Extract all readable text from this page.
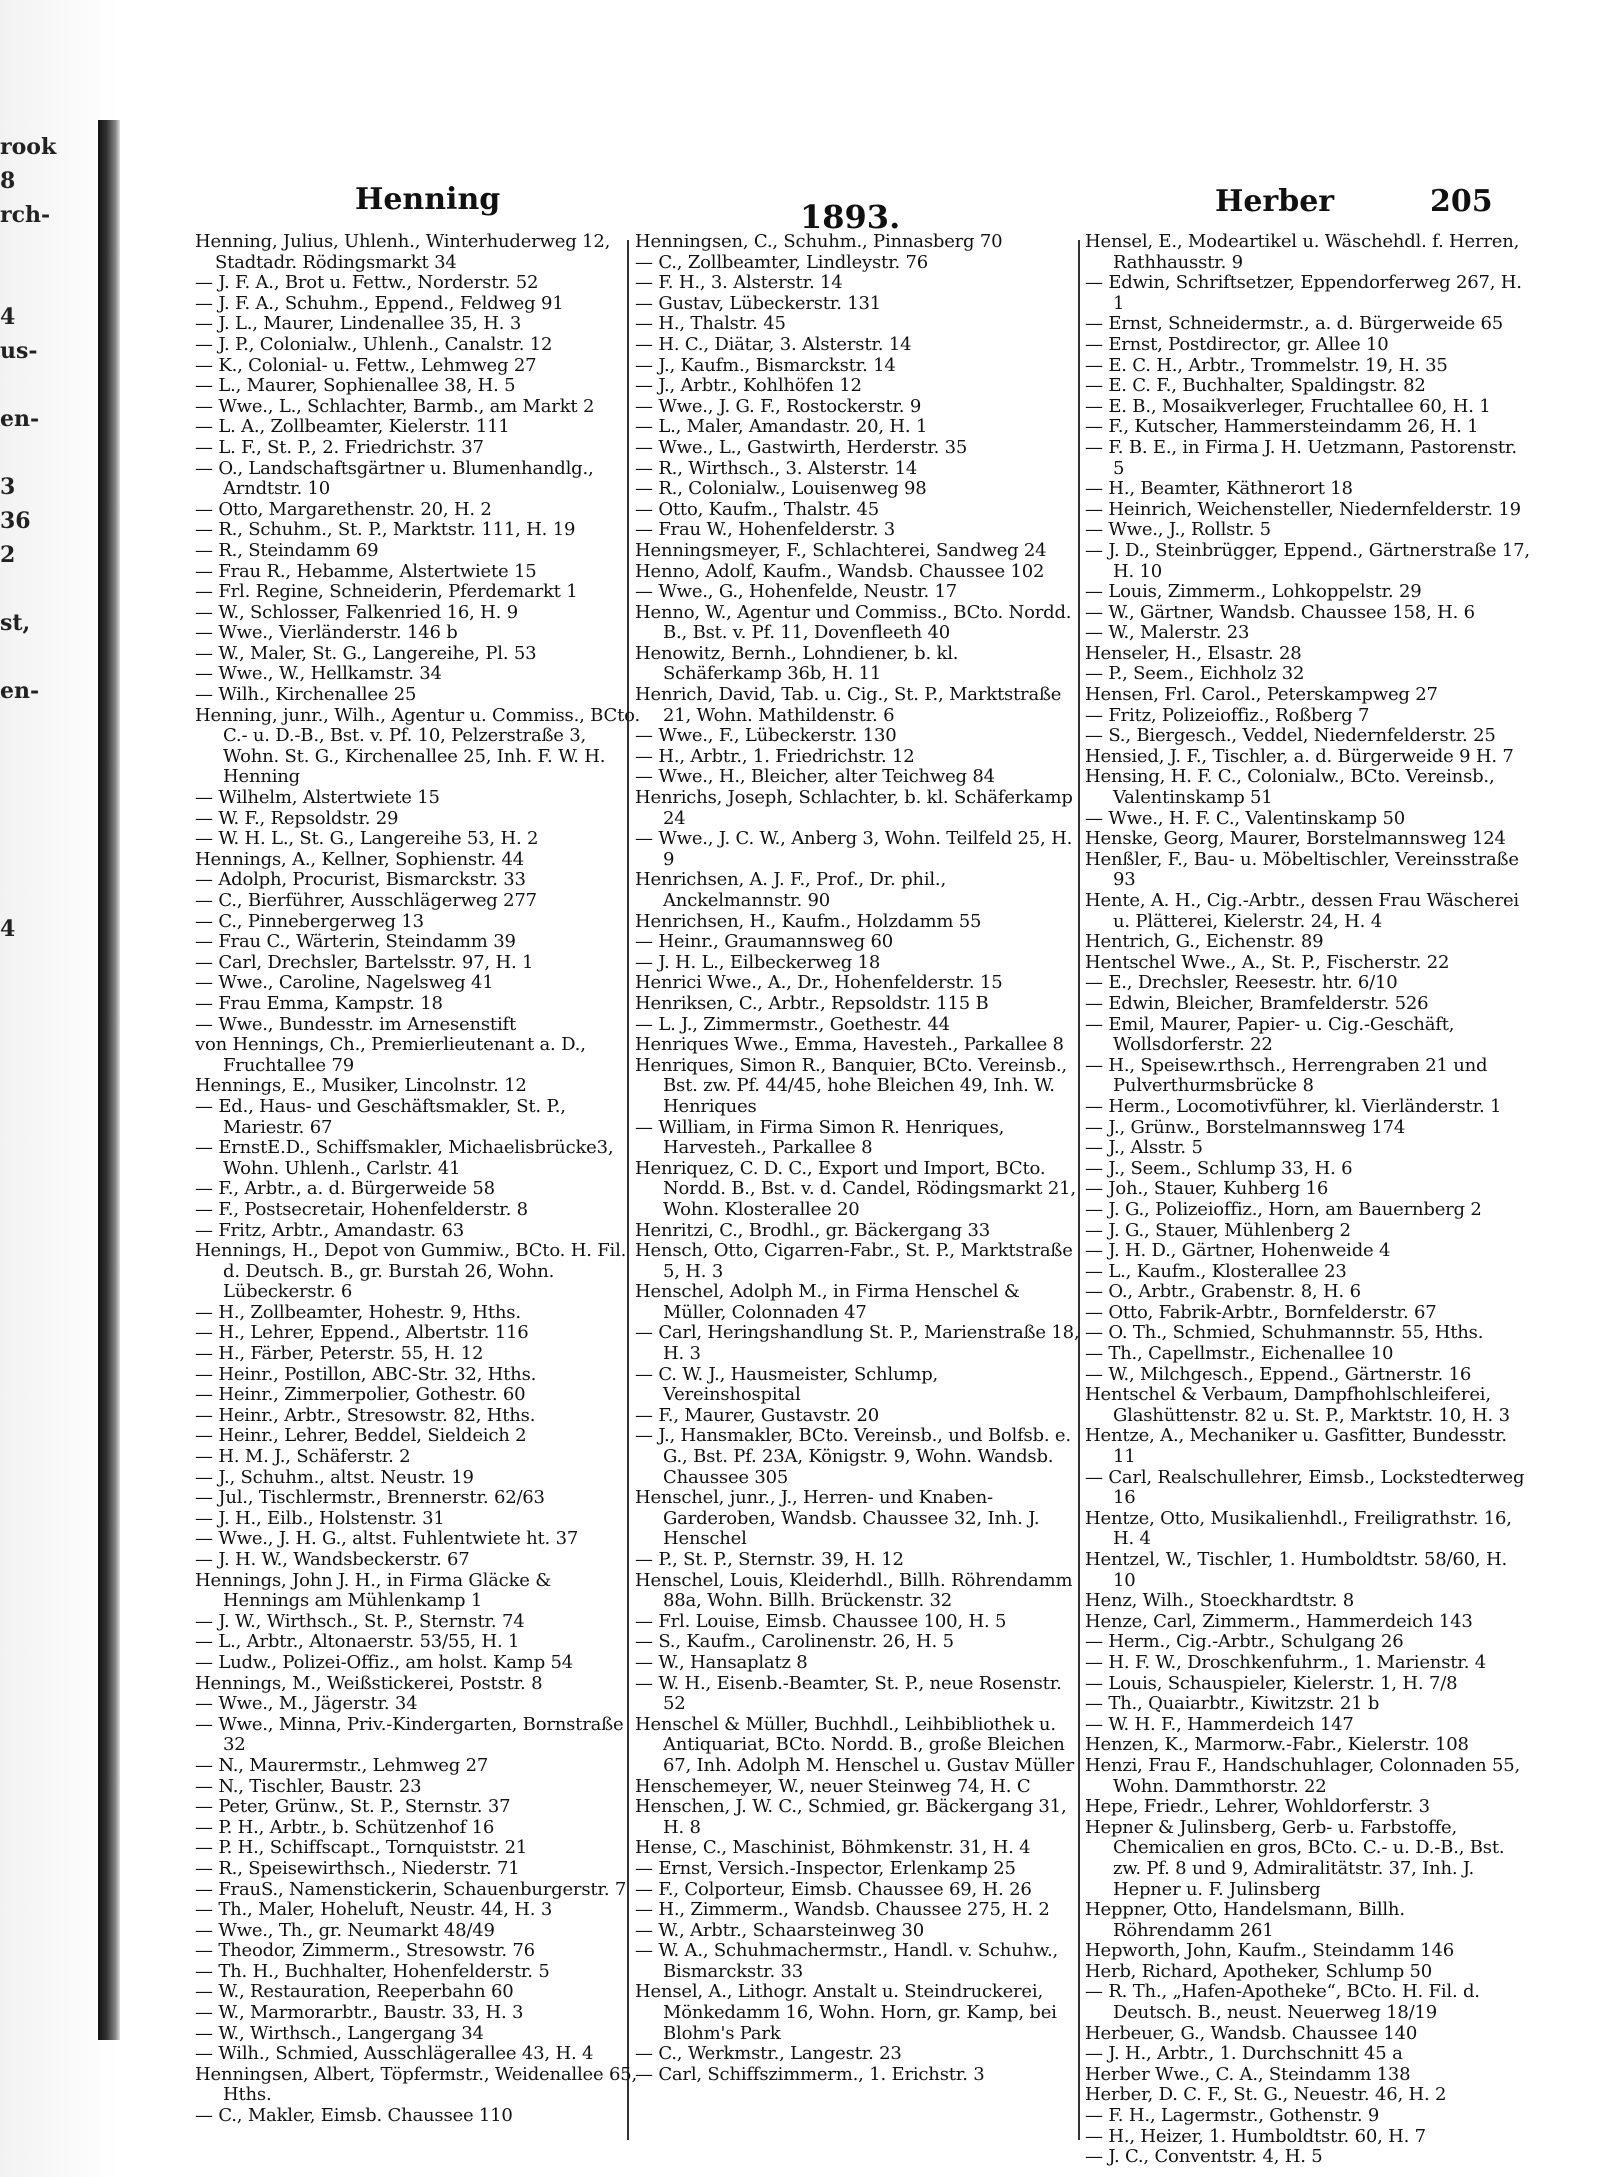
rook
8
rch-

4
us-

en-

3
36
2

st,

en-

4

Henning	1893.	Herber	205
Henning, Julius, Uhlenh., Winterhuderweg 12,
Stadtadr. Rödingsmarkt 34
— J. F. A., Brot u. Fettw., Norderstr. 52
— J. F. A., Schuhm., Eppend., Feldweg 91
— J. L., Maurer, Lindenallee 35, H. 3
— J. P., Colonialw., Uhlenh., Canalstr. 12
— K., Colonial- u. Fettw., Lehmweg 27
— L., Maurer, Sophienallee 38, H. 5
— Wwe., L., Schlachter, Barmb., am Markt 2
— L. A., Zollbeamter, Kielerstr. 111
— L. F., St. P., 2. Friedrichstr. 37
— O., Landschaftsgärtner u. Blumenhandlg., Arndtstr. 10
— Otto, Margarethenstr. 20, H. 2
— R., Schuhm., St. P., Marktstr. 111, H. 19
— R., Steindamm 69
— Frau R., Hebamme, Alstertwiete 15
— Frl. Regine, Schneiderin, Pferdemarkt 1
— W., Schlosser, Falkenried 16, H. 9
— Wwe., Vierländerstr. 146 b
— W., Maler, St. G., Langereihe, Pl. 53
— Wwe., W., Hellkamstr. 34
— Wilh., Kirchenallee 25
Henning, junr., Wilh., Agentur u. Commiss., BCto. C.- u. D.-B., Bst. v. Pf. 10, Pelzerstraße 3, Wohn. St. G., Kirchenallee 25, Inh. F. W. H. Henning
— Wilhelm, Alstertwiete 15
— W. F., Repsoldstr. 29
— W. H. L., St. G., Langereihe 53, H. 2
Hennings, A., Kellner, Sophienstr. 44
— Adolph, Procurist, Bismarckstr. 33
— C., Bierführer, Ausschlägerweg 277
— C., Pinnebergerweg 13
— Frau C., Wärterin, Steindamm 39
— Carl, Drechsler, Bartelsstr. 97, H. 1
— Wwe., Caroline, Nagelsweg 41
— Frau Emma, Kampstr. 18
— Wwe., Bundesstr. im Arnesenstift
von Hennings, Ch., Premierlieutenant a. D., Fruchtallee 79
Hennings, E., Musiker, Lincolnstr. 12
— Ed., Haus- und Geschäftsmakler, St. P., Mariestr. 67
— ErnstE.D., Schiffsmakler, Michaelisbrücke3, Wohn. Uhlenh., Carlstr. 41
— F., Arbtr., a. d. Bürgerweide 58
— F., Postsecretair, Hohenfelderstr. 8
— Fritz, Arbtr., Amandastr. 63
Hennings, H., Depot von Gummiw., BCto. H. Fil. d. Deutsch. B., gr. Burstah 26, Wohn. Lübeckerstr. 6
— H., Zollbeamter, Hohestr. 9, Hths.
— H., Lehrer, Eppend., Albertstr. 116
— H., Färber, Peterstr. 55, H. 12
— Heinr., Postillon, ABC-Str. 32, Hths.
— Heinr., Zimmerpolier, Gothestr. 60
— Heinr., Arbtr., Stresowstr. 82, Hths.
— Heinr., Lehrer, Beddel, Sieldeich 2
— H. M. J., Schäferstr. 2
— J., Schuhm., altst. Neustr. 19
— Jul., Tischlermstr., Brennerstr. 62/63
— J. H., Eilb., Holstenstr. 31
— Wwe., J. H. G., altst. Fuhlentwiete ht. 37
— J. H. W., Wandsbeckerstr. 67
Hennings, John J. H., in Firma Gläcke & Hennings am Mühlenkamp 1
— J. W., Wirthsch., St. P., Sternstr. 74
— L., Arbtr., Altonaerstr. 53/55, H. 1
— Ludw., Polizei-Offiz., am holst. Kamp 54
Hennings, M., Weißstickerei, Poststr. 8
— Wwe., M., Jägerstr. 34
— Wwe., Minna, Priv.-Kindergarten, Bornstraße 32
— N., Maurermstr., Lehmweg 27
— N., Tischler, Baustr. 23
— Peter, Grünw., St. P., Sternstr. 37
— P. H., Arbtr., b. Schützenhof 16
— P. H., Schiffscapt., Tornquiststr. 21
— R., Speisewirthsch., Niederstr. 71
— FrauS., Namenstickerin, Schauenburgerstr. 7
— Th., Maler, Hoheluft, Neustr. 44, H. 3
— Wwe., Th., gr. Neumarkt 48/49
— Theodor, Zimmerm., Stresowstr. 76
— Th. H., Buchhalter, Hohenfelderstr. 5
— W., Restauration, Reeperbahn 60
— W., Marmorarbtr., Baustr. 33, H. 3
— W., Wirthsch., Langergang 34
— Wilh., Schmied, Ausschlägerallee 43, H. 4
Henningsen, Albert, Töpfermstr., Weidenallee 65, Hths.
— C., Makler, Eimsb. Chaussee 110
Henningsen, C., Schuhm., Pinnasberg 70
— C., Zollbeamter, Lindleystr. 76
— F. H., 3. Alsterstr. 14
— Gustav, Lübeckerstr. 131
— H., Thalstr. 45
— H. C., Diätar, 3. Alsterstr. 14
— J., Kaufm., Bismarckstr. 14
— J., Arbtr., Kohlhöfen 12
— Wwe., J. G. F., Rostockerstr. 9
— L., Maler, Amandastr. 20, H. 1
— Wwe., L., Gastwirth, Herderstr. 35
— R., Wirthsch., 3. Alsterstr. 14
— R., Colonialw., Louisenweg 98
— Otto, Kaufm., Thalstr. 45
— Frau W., Hohenfelderstr. 3
Henningsmeyer, F., Schlachterei, Sandweg 24
Henno, Adolf, Kaufm., Wandsb. Chaussee 102
— Wwe., G., Hohenfelde, Neustr. 17
Henno, W., Agentur und Commiss., BCto. Nordd. B., Bst. v. Pf. 11, Dovenfleeth 40
Henowitz, Bernh., Lohndiener, b. kl. Schäferkamp 36b, H. 11
Henrich, David, Tab. u. Cig., St. P., Marktstraße 21, Wohn. Mathildenstr. 6
— Wwe., F., Lübeckerstr. 130
— H., Arbtr., 1. Friedrichstr. 12
— Wwe., H., Bleicher, alter Teichweg 84
Henrichs, Joseph, Schlachter, b. kl. Schäferkamp 24
— Wwe., J. C. W., Anberg 3, Wohn. Teilfeld 25, H. 9
Henrichsen, A. J. F., Prof., Dr. phil., Anckelmannstr. 90
Henrichsen, H., Kaufm., Holzdamm 55
— Heinr., Graumannsweg 60
— J. H. L., Eilbeckerweg 18
Henrici Wwe., A., Dr., Hohenfelderstr. 15
Henriksen, C., Arbtr., Repsoldstr. 115 B
— L. J., Zimmermstr., Goethestr. 44
Henriques Wwe., Emma, Havesteh., Parkallee 8
Henriques, Simon R., Banquier, BCto. Vereinsb., Bst. zw. Pf. 44/45, hohe Bleichen 49, Inh. W. Henriques
— William, in Firma Simon R. Henriques, Harvesteh., Parkallee 8
Henriquez, C. D. C., Export und Import, BCto. Nordd. B., Bst. v. d. Candel, Rödingsmarkt 21, Wohn. Klosterallee 20
Henritzi, C., Brodhl., gr. Bäckergang 33
Hensch, Otto, Cigarren-Fabr., St. P., Marktstraße 5, H. 3
Henschel, Adolph M., in Firma Henschel & Müller, Colonnaden 47
— Carl, Heringshandlung St. P., Marienstraße 18, H. 3
— C. W. J., Hausmeister, Schlump, Vereinshospital
— F., Maurer, Gustavstr. 20
— J., Hansmakler, BCto. Vereinsb., und Bolfsb. e. G., Bst. Pf. 23A, Königstr. 9, Wohn. Wandsb. Chaussee 305
Henschel, junr., J., Herren- und Knaben-Garderoben, Wandsb. Chaussee 32, Inh. J. Henschel
— P., St. P., Sternstr. 39, H. 12
Henschel, Louis, Kleiderhdl., Billh. Röhrendamm 88a, Wohn. Billh. Brückenstr. 32
— Frl. Louise, Eimsb. Chaussee 100, H. 5
— S., Kaufm., Carolinenstr. 26, H. 5
— W., Hansaplatz 8
— W. H., Eisenb.-Beamter, St. P., neue Rosenstr. 52
Henschel & Müller, Buchhdl., Leihbibliothek u. Antiquariat, BCto. Nordd. B., große Bleichen 67, Inh. Adolph M. Henschel u. Gustav Müller
Henschemeyer, W., neuer Steinweg 74, H. C
Henschen, J. W. C., Schmied, gr. Bäckergang 31, H. 8
Hense, C., Maschinist, Böhmkenstr. 31, H. 4
— Ernst, Versich.-Inspector, Erlenkamp 25
— F., Colporteur, Eimsb. Chaussee 69, H. 26
— H., Zimmerm., Wandsb. Chaussee 275, H. 2
— W., Arbtr., Schaarsteinweg 30
— W. A., Schuhmachermstr., Handl. v. Schuhw., Bismarckstr. 33
Hensel, A., Lithogr. Anstalt u. Steindruckerei, Mönkedamm 16, Wohn. Horn, gr. Kamp, bei Blohm's Park
— C., Werkmstr., Langestr. 23
— Carl, Schiffszimmerm., 1. Erichstr. 3
Hensel, E., Modeartikel u. Wäschehdl. f. Herren, Rathhausstr. 9
— Edwin, Schriftsetzer, Eppendorferweg 267, H. 1
— Ernst, Schneidermstr., a. d. Bürgerweide 65
— Ernst, Postdirector, gr. Allee 10
— E. C. H., Arbtr., Trommelstr. 19, H. 35
— E. C. F., Buchhalter, Spaldingstr. 82
— E. B., Mosaikverleger, Fruchtallee 60, H. 1
— F., Kutscher, Hammersteindamm 26, H. 1
— F. B. E., in Firma J. H. Uetzmann, Pastorenstr. 5
— H., Beamter, Käthnerort 18
— Heinrich, Weichensteller, Niedernfelderstr. 19
— Wwe., J., Rollstr. 5
— J. D., Steinbrügger, Eppend., Gärtnerstraße 17, H. 10
— Louis, Zimmerm., Lohkoppelstr. 29
— W., Gärtner, Wandsb. Chaussee 158, H. 6
— W., Malerstr. 23
Henseler, H., Elsastr. 28
— P., Seem., Eichholz 32
Hensen, Frl. Carol., Peterskampweg 27
— Fritz, Polizeioffiz., Roßberg 7
— S., Biergesch., Veddel, Niedernfelderstr. 25
Hensied, J. F., Tischler, a. d. Bürgerweide 9 H. 7
Hensing, H. F. C., Colonialw., BCto. Vereinsb., Valentinskamp 51
— Wwe., H. F. C., Valentinskamp 50
Henske, Georg, Maurer, Borstelmannsweg 124
Henßler, F., Bau- u. Möbeltischler, Vereinsstraße 93
Hente, A. H., Cig.-Arbtr., dessen Frau Wäscherei u. Plätterei, Kielerstr. 24, H. 4
Hentrich, G., Eichenstr. 89
Hentschel Wwe., A., St. P., Fischerstr. 22
— E., Drechsler, Reesestr. htr. 6/10
— Edwin, Bleicher, Bramfelderstr. 526
— Emil, Maurer, Papier- u. Cig.-Geschäft, Wollsdorferstr. 22
— H., Speisew.rthsch., Herrengraben 21 und Pulverthurmsbrücke 8
— Herm., Locomotivführer, kl. Vierländerstr. 1
— J., Grünw., Borstelmannsweg 174
— J., Alsstr. 5
— J., Seem., Schlump 33, H. 6
— Joh., Stauer, Kuhberg 16
— J. G., Polizeioffiz., Horn, am Bauernberg 2
— J. G., Stauer, Mühlenberg 2
— J. H. D., Gärtner, Hohenweide 4
— L., Kaufm., Klosterallee 23
— O., Arbtr., Grabenstr. 8, H. 6
— Otto, Fabrik-Arbtr., Bornfelderstr. 67
— O. Th., Schmied, Schuhmannstr. 55, Hths.
— Th., Capellmstr., Eichenallee 10
— W., Milchgesch., Eppend., Gärtnerstr. 16
Hentschel & Verbaum, Dampfhohlschleiferei, Glashüttenstr. 82 u. St. P., Marktstr. 10, H. 3
Hentze, A., Mechaniker u. Gasfitter, Bundesstr. 11
— Carl, Realschullehrer, Eimsb., Lockstedterweg 16
Hentze, Otto, Musikalienhdl., Freiligrathstr. 16, H. 4
Hentzel, W., Tischler, 1. Humboldtstr. 58/60, H. 10
Henz, Wilh., Stoeckhardtstr. 8
Henze, Carl, Zimmerm., Hammerdeich 143
— Herm., Cig.-Arbtr., Schulgang 26
— H. F. W., Droschkenfuhrm., 1. Marienstr. 4
— Louis, Schauspieler, Kielerstr. 1, H. 7/8
— Th., Quaiarbtr., Kiwitzstr. 21 b
— W. H. F., Hammerdeich 147
Henzen, K., Marmorw.-Fabr., Kielerstr. 108
Henzi, Frau F., Handschuhlager, Colonnaden 55, Wohn. Dammthorstr. 22
Hepe, Friedr., Lehrer, Wohldorferstr. 3
Hepner & Julinsberg, Gerb- u. Farbstoffe, Chemicalien en gros, BCto. C.- u. D.-B., Bst. zw. Pf. 8 und 9, Admiralitätstr. 37, Inh. J. Hepner u. F. Julinsberg
Heppner, Otto, Handelsmann, Billh. Röhrendamm 261
Hepworth, John, Kaufm., Steindamm 146
Herb, Richard, Apotheker, Schlump 50
— R. Th., „Hafen-Apotheke“, BCto. H. Fil. d. Deutsch. B., neust. Neuerweg 18/19
Herbeuer, G., Wandsb. Chaussee 140
— J. H., Arbtr., 1. Durchschnitt 45 a
Herber Wwe., C. A., Steindamm 138
Herber, D. C. F., St. G., Neuestr. 46, H. 2
— F. H., Lagermstr., Gothenstr. 9
— H., Heizer, 1. Humboldtstr. 60, H. 7
— J. C., Conventstr. 4, H. 5
